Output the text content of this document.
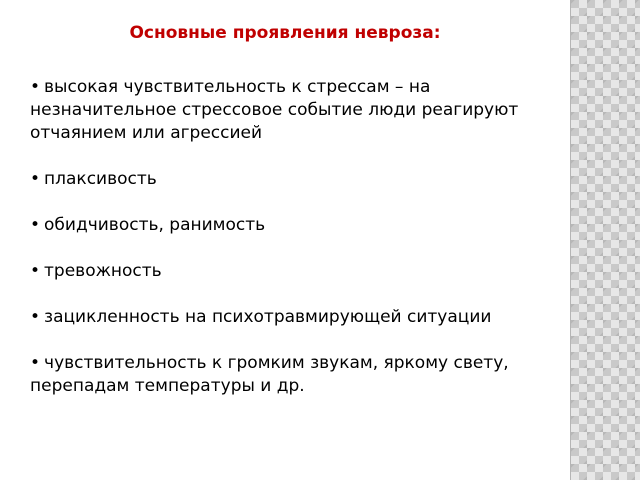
Основные проявления невроза:
• высокая чувствительность к стрессам – на незначительное стрессовое событие люди реагируют отчаянием или агрессией
• плаксивость
• обидчивость, ранимость
• тревожность
• зацикленность на психотравмирующей ситуации
• чувствительность к громким звукам, яркому свету, перепадам температуры и др.
